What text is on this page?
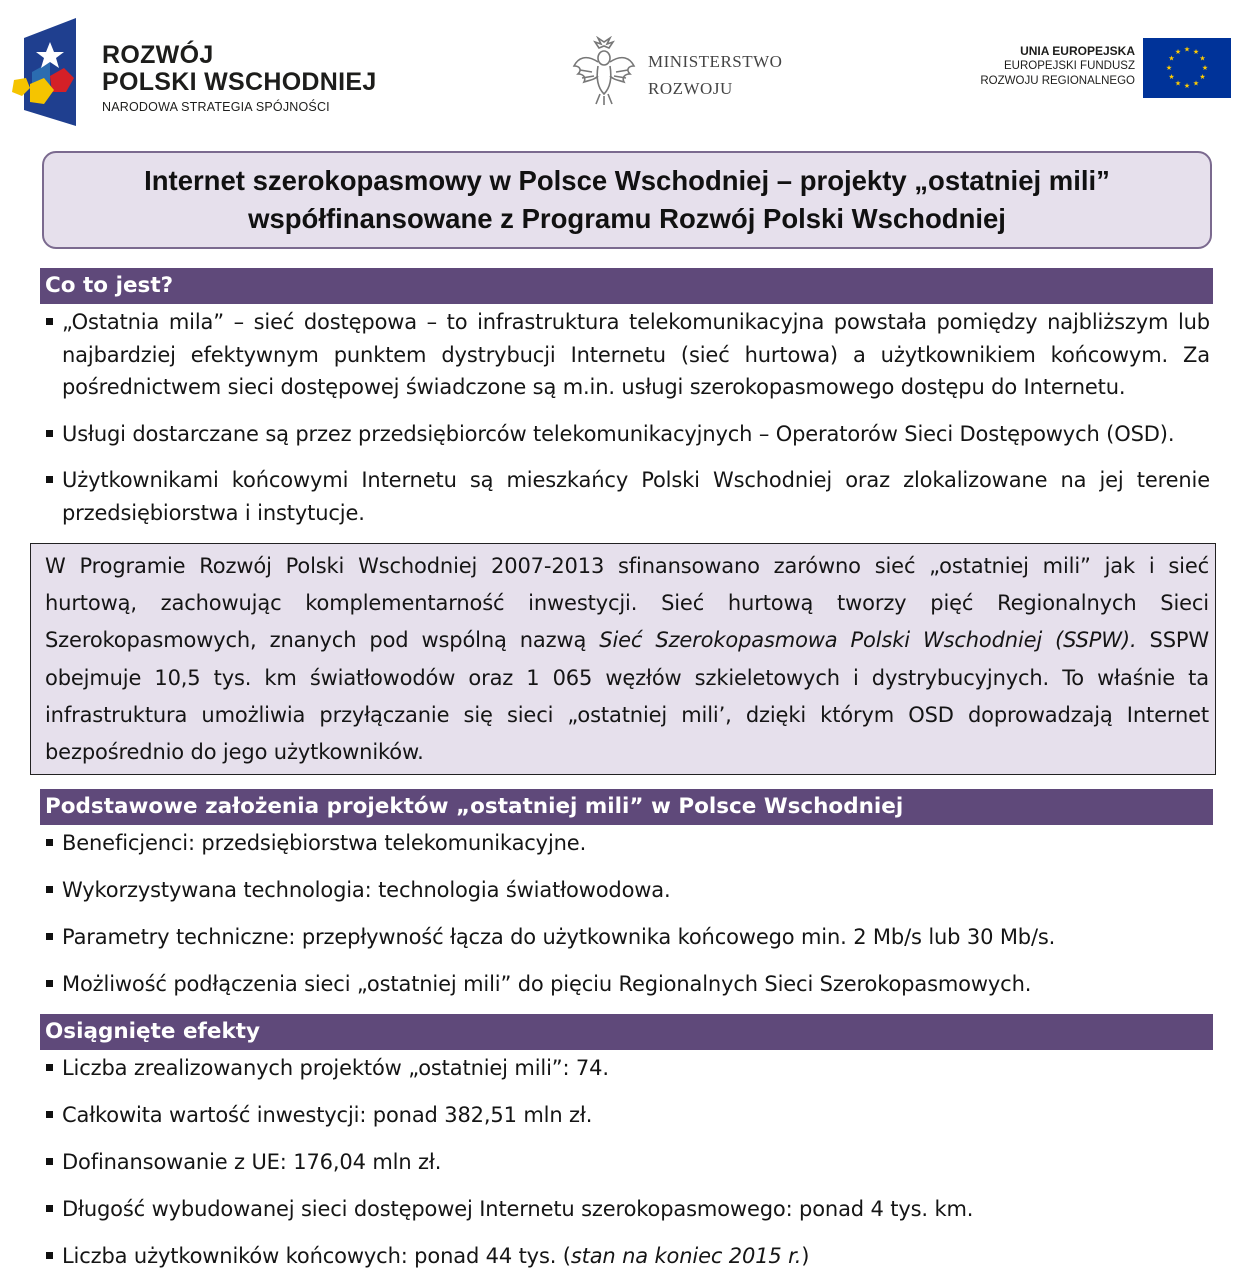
ROZWÓJ
POLSKI WSCHODNIEJ
NARODOWA STRATEGIA SPÓJNOŚCI
MINISTERSTWO
ROZWOJU
UNIA EUROPEJSKA
EUROPEJSKI FUNDUSZ
ROZWOJU REGIONALNEGO
★ ★
★
★
★
★
★
★
★
★
★
★
Internet szerokopasmowy w Polsce Wschodniej – projekty „ostatniej mili”
współfinansowane z Programu Rozwój Polski Wschodniej
Co to jest?
„Ostatnia mila” – sieć dostępowa – to infrastruktura telekomunikacyjna powstała pomiędzy najbliższym lub najbardziej efektywnym punktem dystrybucji Internetu (sieć hurtowa) a użytkownikiem końcowym. Za pośrednictwem sieci dostępowej świadczone są m.in. usługi szerokopasmowego dostępu do Internetu.
Usługi dostarczane są przez przedsiębiorców telekomunikacyjnych – Operatorów Sieci Dostępowych (OSD).
Użytkownikami końcowymi Internetu są mieszkańcy Polski Wschodniej oraz zlokalizowane na jej terenie przedsiębiorstwa i instytucje.
W Programie Rozwój Polski Wschodniej 2007-2013 sfinansowano zarówno sieć „ostatniej mili” jak i sieć hurtową, zachowując komplementarność inwestycji. Sieć hurtową tworzy pięć Regionalnych Sieci Szerokopasmowych, znanych pod wspólną nazwą Sieć Szerokopasmowa Polski Wschodniej (SSPW). SSPW obejmuje 10,5 tys. km światłowodów oraz 1 065 węzłów szkieletowych i dystrybucyjnych. To właśnie ta infrastruktura umożliwia przyłączanie się sieci „ostatniej mili’, dzięki którym OSD doprowadzają Internet bezpośrednio do jego użytkowników.
Podstawowe założenia projektów „ostatniej mili” w Polsce Wschodniej
Beneficjenci: przedsiębiorstwa telekomunikacyjne.
Wykorzystywana technologia: technologia światłowodowa.
Parametry techniczne: przepływność łącza do użytkownika końcowego min. 2 Mb/s lub 30 Mb/s.
Możliwość podłączenia sieci „ostatniej mili” do pięciu Regionalnych Sieci Szerokopasmowych.
Osiągnięte efekty
Liczba zrealizowanych projektów „ostatniej mili”: 74.
Całkowita wartość inwestycji: ponad 382,51 mln zł.
Dofinansowanie z UE: 176,04 mln zł.
Długość wybudowanej sieci dostępowej Internetu szerokopasmowego: ponad 4 tys. km.
Liczba użytkowników końcowych: ponad 44 tys. (stan na koniec 2015 r.)
